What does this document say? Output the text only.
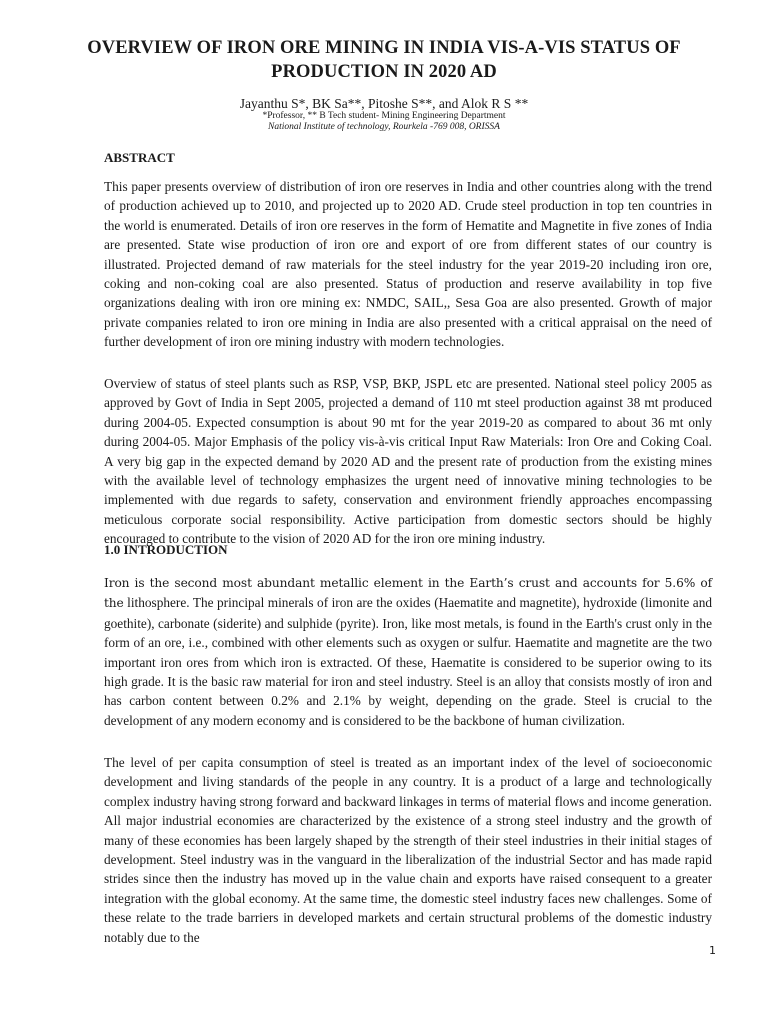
OVERVIEW OF IRON ORE MINING IN INDIA VIS-A-VIS STATUS OF PRODUCTION IN 2020 AD
Jayanthu S*, BK Sa**, Pitoshe S**, and Alok R S **
*Professor, ** B Tech student- Mining Engineering Department
National Institute of technology, Rourkela -769 008, ORISSA
ABSTRACT
This paper presents overview of distribution of iron ore reserves in India and other countries along with the trend of production achieved up to 2010, and projected up to 2020 AD. Crude steel production in top ten countries in the world is enumerated. Details of iron ore reserves in the form of Hematite and Magnetite in five zones of India are presented. State wise production of iron ore and export of ore from different states of our country is illustrated. Projected demand of raw materials for the steel industry for the year 2019-20 including iron ore, coking and non-coking coal are also presented. Status of production and reserve availability in top five organizations dealing with iron ore mining ex: NMDC, SAIL,, Sesa Goa are also presented. Growth of major private companies related to iron ore mining in India are also presented with a critical appraisal on the need of further development of iron ore mining industry with modern technologies.
Overview of status of steel plants such as RSP, VSP, BKP, JSPL etc are presented. National steel policy 2005 as approved by Govt of India in Sept 2005, projected a demand of 110 mt steel production against 38 mt produced during 2004-05. Expected consumption is about 90 mt for the year 2019-20 as compared to about 36 mt only during 2004-05. Major Emphasis of the policy vis-à-vis critical Input Raw Materials: Iron Ore and Coking Coal. A very big gap in the expected demand by 2020 AD and the present rate of production from the existing mines with the available level of technology emphasizes the urgent need of innovative mining technologies to be implemented with due regards to safety, conservation and environment friendly approaches encompassing meticulous corporate social responsibility. Active participation from domestic sectors should be highly encouraged to contribute to the vision of 2020 AD for the iron ore mining industry.
1.0 INTRODUCTION
Iron is the second most abundant metallic element in the Earth’s crust and accounts for 5.6% of the lithosphere. The principal minerals of iron are the oxides (Haematite and magnetite), hydroxide (limonite and goethite), carbonate (siderite) and sulphide (pyrite). Iron, like most metals, is found in the Earth's crust only in the form of an ore, i.e., combined with other elements such as oxygen or sulfur. Haematite and magnetite are the two important iron ores from which iron is extracted. Of these, Haematite is considered to be superior owing to its high grade. It is the basic raw material for iron and steel industry. Steel is an alloy that consists mostly of iron and has carbon content between 0.2% and 2.1% by weight, depending on the grade. Steel is crucial to the development of any modern economy and is considered to be the backbone of human civilization.
The level of per capita consumption of steel is treated as an important index of the level of socioeconomic development and living standards of the people in any country. It is a product of a large and technologically complex industry having strong forward and backward linkages in terms of material flows and income generation. All major industrial economies are characterized by the existence of a strong steel industry and the growth of many of these economies has been largely shaped by the strength of their steel industries in their initial stages of development. Steel industry was in the vanguard in the liberalization of the industrial Sector and has made rapid strides since then the industry has moved up in the value chain and exports have raised consequent to a greater integration with the global economy. At the same time, the domestic steel industry faces new challenges. Some of these relate to the trade barriers in developed markets and certain structural problems of the domestic industry notably due to the
1
